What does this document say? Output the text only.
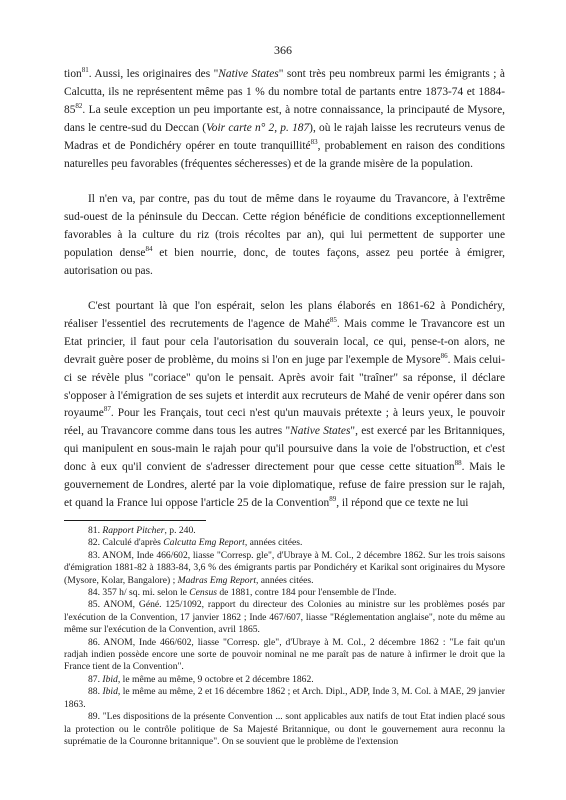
366

tion$^{81}$. Aussi, les originaires des "Native States" sont très peu nombreux parmi les émigrants ; à Calcutta, ils ne représentent même pas 1 % du nombre total de partants entre 1873-74 et $1884-85^{82}$. La seule exception un peu importante est, à notre connaissance, la principauté de Mysore, dans le centre-sud du Deccan (Voir carte n° 2, p. 187), où le rajah laisse les recruteurs venus de Madras et de Pondichéry opérer en toute tranquillité$^{83}$, probablement en raison des conditions naturelles peu favorables (fréquentes sécheresses) et de la grande misère de la population.

Il n'en va, par contre, pas du tout de même dans le royaume du Travancore, à l'extrême sud-ouest de la péninsule du Deccan. Cette région bénéficie de conditions exceptionnellement favorables à la culture du riz (trois récoltes par an), qui lui permettent de supporter une population dense$^{84}$ et bien nourrie, donc, de toutes façons, assez peu portée à émigrer, autorisation ou pas.

C'est pourtant là que l'on espérait, selon les plans élaborés en 1861-62 à Pondichéry, réaliser l'essentiel des recrutements de l'agence de Mahé$^{85}$. Mais comme le Travancore est un Etat princier, il faut pour cela l'autorisation du souverain local, ce qui, pense-t-on alors, ne devrait guère poser de problème, du moins si l'on en juge par l'exemple de Mysore$^{86}$. Mais celui-ci se révèle plus "coriace" qu'on le pensait. Après avoir fait "traîner" sa réponse, il déclare s'opposer à l'émigration de ses sujets et interdit aux recruteurs de Mahé de venir opérer dans son royaume$^{87}$. Pour les Français, tout ceci n'est qu'un mauvais prétexte ; à leurs yeux, le pouvoir réel, au Travancore comme dans tous les autres "Native States", est exercé par les Britanniques, qui manipulent en sous-main le rajah pour qu'il poursuive dans la voie de l'obstruction, et c'est donc à eux qu'il convient de s'adresser directement pour que cesse cette situation$^{88}$. Mais le gouvernement de Londres, alerté par la voie diplomatique, refuse de faire pression sur le rajah, et quand la France lui oppose l'article 25 de la Convention$^{89}$, il répond que ce texte ne lui

81. Rapport Pitcher, p. 240.

82. Calculé d'après Calcutta Emg Report, années citées.

83. ANOM, Inde 466/602, liasse "Corresp. gle", d'Ubraye à M. Col., 2 décembre 1862. Sur les trois saisons d'émigration 1881-82 à 1883-84, 3,6 % des émigrants partis par Pondichéry et Karikal sont originaires du Mysore (Mysore, Kolar, Bangalore) ; Madras Emg Report, années citées.

84. 357 h/ sq. mi. selon le Census de 1881, contre 184 pour l'ensemble de l'Inde.

85. ANOM, Géné. 125/1092, rapport du directeur des Colonies au ministre sur les problèmes posés par l'exécution de la Convention, 17 janvier 1862 ; Inde 467/607, liasse "Réglementation anglaise", note du même au même sur l'exécution de la Convention, avril 1865.

86. ANOM, Inde 466/602, liasse "Corresp. gle", d'Ubraye à M. Col., 2 décembre 1862 : "Le fait qu'un radjah indien possède encore une sorte de pouvoir nominal ne me paraît pas de nature à infirmer le droit que la France tient de la Convention".

87. Ibid, le même au même, 9 octobre et 2 décembre 1862.

88. Ibid, le même au même, 2 et 16 décembre 1862 ; et Arch. Dipl., ADP, Inde 3, M. Col. à MAE, 29 janvier 1863.

89. "Les dispositions de la présente Convention ... sont applicables aux natifs de tout Etat indien placé sous la protection ou le contrôle politique de Sa Majesté Britannique, ou dont le gouvernement aura reconnu la suprématie de la Couronne britannique". On se souvient que le problème de l'extension
